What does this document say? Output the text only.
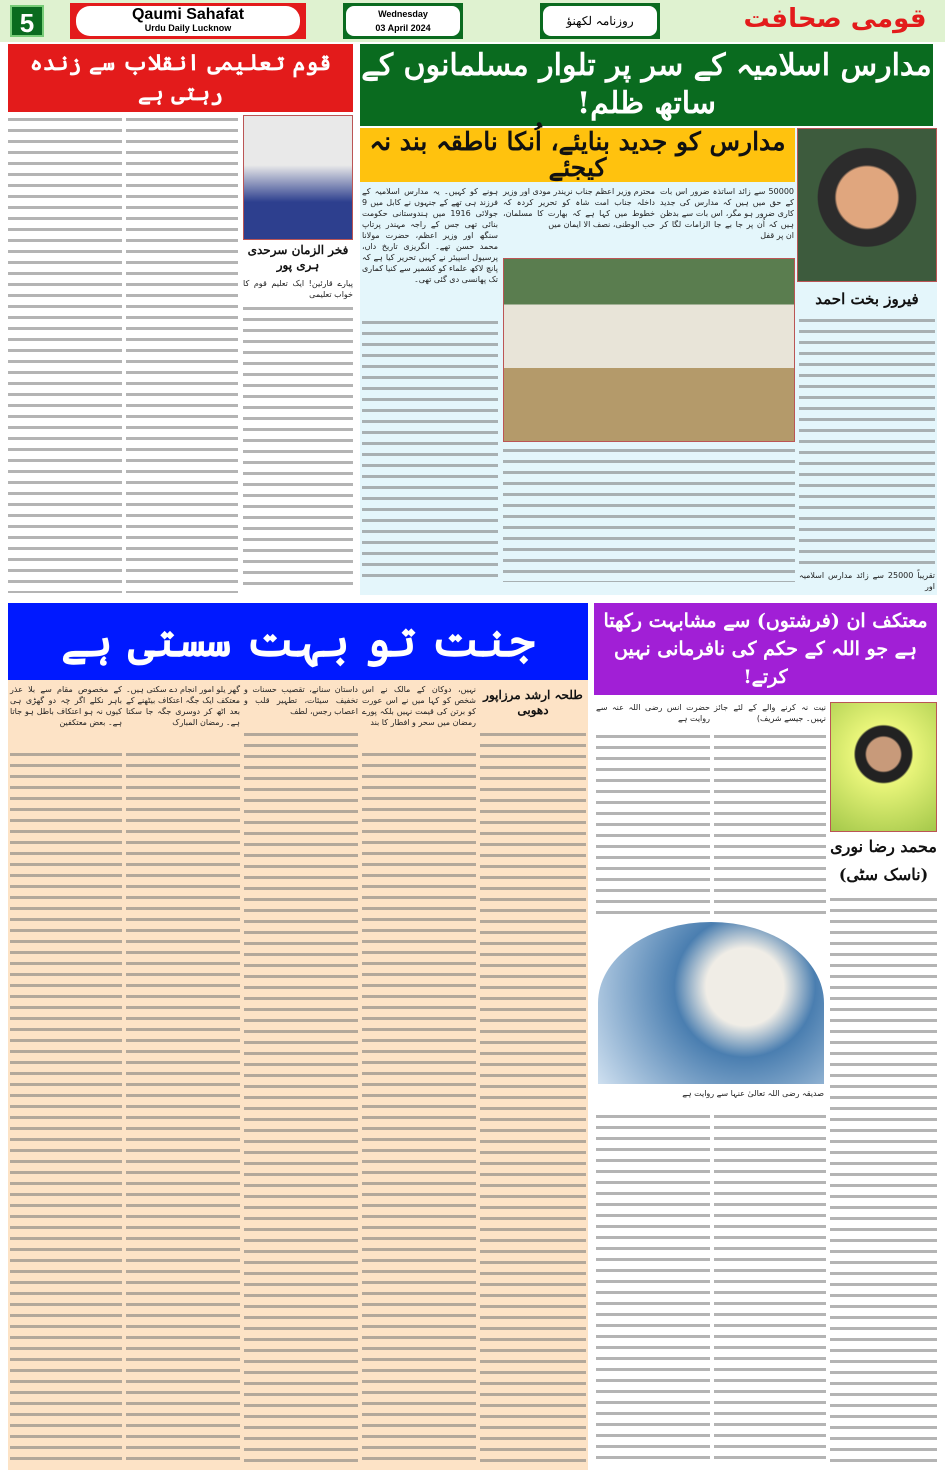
5	Qaumi Sahafat
Urdu Daily Lucknow
Wednesday
03 April 2024	روزنامہ لکھنؤ	قومی صحافت
قوم تعلیمی انقلاب سے زندہ رہتی ہے
فخر الزمان سرحدی ہری پور
پیارے قارئین! ایک تعلیم قوم کا خواب تعلیمی
مدارس اسلامیہ کے سر پر تلوار مسلمانوں کے ساتھ ظلم!
مدارس کو جدید بنایئے، اُنکا ناطقہ بند نہ کیجئے
فیروز بخت احمد
50000 سے زائد اساتذہ ضرور اس بات کے حق میں ہیں کہ مدارس کی جدید کاری ضرور ہو مگر، اس بات سے بدظن ہیں کہ اُن پر جا بے جا الزامات لگا کر ان پر قفل
محترم وزیر اعظم جناب نریندر مودی اور وزیر داخلہ جناب امت شاہ کو تحریر کردہ کہ خطوط میں کہا ہے کہ بھارت کا مسلمان، حب الوطنی، نصف الا ایمان میں
ہونے کو کہیں۔ یہ مدارس اسلامیہ کے فرزند ہی تھے کے جنہوں نے کابل میں 9 جولائی 1916 میں ہندوستانی حکومت بنائی تھی جس کے راجہ مہندر پرتاپ سنگھ اور وزیر اعظم، حضرت مولانا محمد حسن تھے۔ انگریزی تاریخ داں، پرسیول اسپیئر نے کہیں تحریر کیا ہے کہ پانچ لاکھ علماء کو کشمیر سے کنیا کماری تک پھانسی دی گئی تھی۔
تقریباً 25000 سے زائد مدارس اسلامیہ اور
جنت تو بہت سستی ہے
طلحہ ارشد مرزاپور دھوبی
نہیں، دوکان کے مالک نے اس شخص کو کہا میں نے اس عورت کو برتن کی قیمت نہیں بلکہ پورے رمضان میں سحر و افطار کا بند
داستان سنانے، تقصیب حسنات و تخفیف سیئات، تطہیر قلب و اعصاب رجس، لطف
گھر یلو امور انجام دے سکتی ہیں۔ معتکف ایک جگہ اعتکاف بیٹھنے کے بعد اٹھ کر دوسری جگہ جا سکتا ہے۔ رمضان المبارک
کے مخصوص مقام سے بلا عذر باہر نکلے اگر چہ دو گھڑی ہی کیوں نہ ہو اعتکاف باطل ہو جاتا ہے۔ بعض معتکفین
معتکف ان (فرشتوں) سے مشابہت رکھتا ہے جو اللہ کے حکم کی نافرمانی نہیں کرتے!
محمد رضا نوری
(ناسک سٹی)
نیت نہ کرنے والے کے لئے جائز نہیں۔ جیسے شریف)
حضرت انس رضی اللہ عنہ سے روایت ہے
صدیقہ رضی اللہ تعالیٰ عنہا سے روایت ہے
